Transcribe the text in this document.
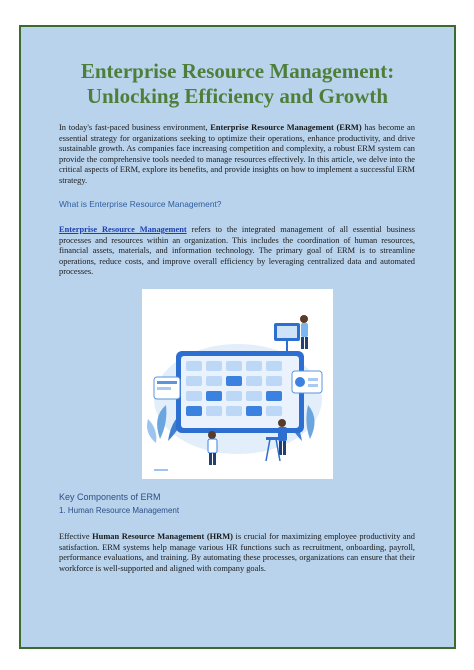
Enterprise Resource Management:
Unlocking Efficiency and Growth
In today's fast-paced business environment, Enterprise Resource Management (ERM) has become an essential strategy for organizations seeking to optimize their operations, enhance productivity, and drive sustainable growth. As companies face increasing competition and complexity, a robust ERM system can provide the comprehensive tools needed to manage resources effectively. In this article, we delve into the critical aspects of ERM, explore its benefits, and provide insights on how to implement a successful ERM strategy.
What is Enterprise Resource Management?
Enterprise Resource Management refers to the integrated management of all essential business processes and resources within an organization. This includes the coordination of human resources, financial assets, materials, and information technology. The primary goal of ERM is to streamline operations, reduce costs, and improve overall efficiency by leveraging centralized data and automated processes.
Key Components of ERM
1. Human Resource Management
Effective Human Resource Management (HRM) is crucial for maximizing employee productivity and satisfaction. ERM systems help manage various HR functions such as recruitment, onboarding, payroll, performance evaluations, and training. By automating these processes, organizations can ensure that their workforce is well-supported and aligned with company goals.
